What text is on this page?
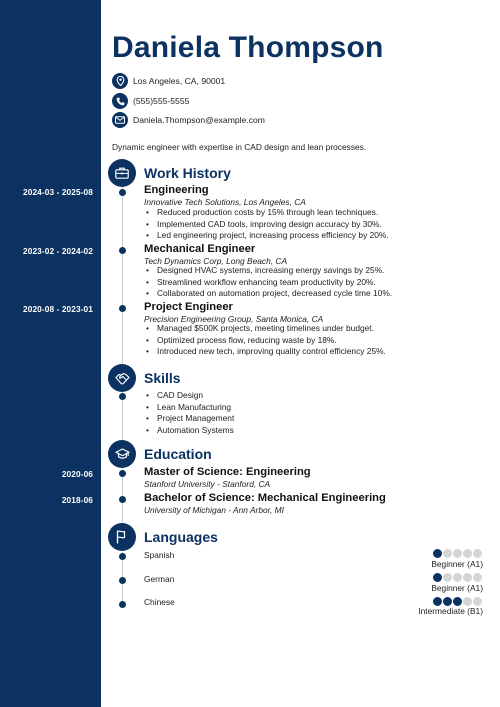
2024-03 - 2025-08
2023-02 - 2024-02
2020-08 - 2023-01
2020-06
2018-06
Daniela Thompson
Los Angeles, CA, 90001
(555)555-5555
Daniela.Thompson@example.com
Dynamic engineer with expertise in CAD design and lean processes.
Work History
Engineering
Innovative Tech Solutions, Los Angeles, CA
• Reduced production costs by 15% through lean techniques.
• Implemented CAD tools, improving design accuracy by 30%.
• Led engineering project, increasing process efficiency by 20%.
Mechanical Engineer
Tech Dynamics Corp, Long Beach, CA
• Designed HVAC systems, increasing energy savings by 25%.
• Streamlined workflow enhancing team productivity by 20%.
• Collaborated on automation project, decreased cycle time 10%.
Project Engineer
Precision Engineering Group, Santa Monica, CA
• Managed $500K projects, meeting timelines under budget.
• Optimized process flow, reducing waste by 18%.
• Introduced new tech, improving quality control efficiency 25%.
Skills
• CAD Design
• Lean Manufacturing
• Project Management
• Automation Systems
Education
Master of Science: Engineering
Stanford University - Stanford, CA
Bachelor of Science: Mechanical Engineering
University of Michigan - Ann Arbor, MI
Languages
Spanish
Beginner (A1)
German
Beginner (A1)
Chinese
Intermediate (B1)
